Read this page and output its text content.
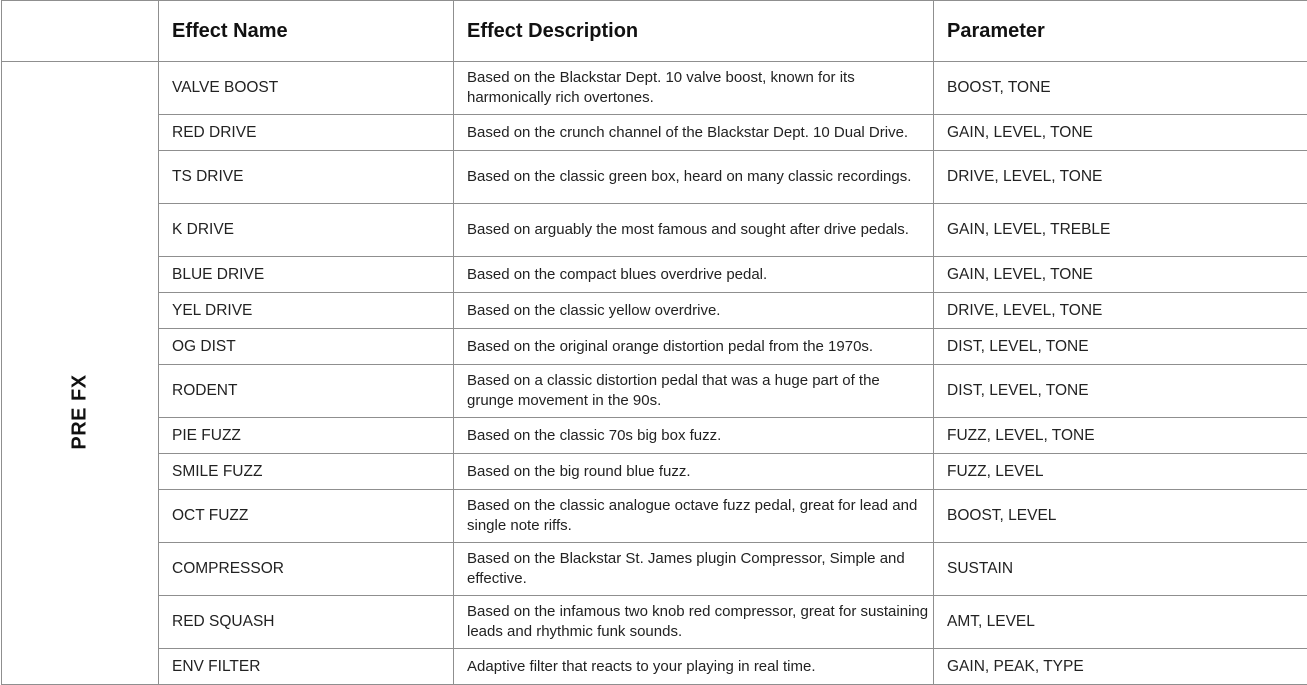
	Effect Name	Effect Description	Parameter
PRE FX	VALVE BOOST	Based on the Blackstar Dept. 10 valve boost, known for its harmonically rich overtones.	BOOST, TONE
	RED DRIVE	Based on the crunch channel of the Blackstar Dept. 10 Dual Drive.	GAIN, LEVEL, TONE
	TS DRIVE	Based on the classic green box, heard on many classic recordings.	DRIVE, LEVEL, TONE
	K DRIVE	Based on arguably the most famous and sought after drive pedals.	GAIN, LEVEL, TREBLE
	BLUE DRIVE	Based on the compact blues overdrive pedal.	GAIN, LEVEL, TONE
	YEL DRIVE	Based on the classic yellow overdrive.	DRIVE, LEVEL, TONE
	OG DIST	Based on the original orange distortion pedal from the 1970s.	DIST, LEVEL, TONE
	RODENT	Based on a classic distortion pedal that was a huge part of the grunge movement in the 90s.	DIST, LEVEL, TONE
	PIE FUZZ	Based on the classic 70s big box fuzz.	FUZZ, LEVEL, TONE
	SMILE FUZZ	Based on the big round blue fuzz.	FUZZ, LEVEL
	OCT FUZZ	Based on the classic analogue octave fuzz pedal, great for lead and single note riffs.	BOOST, LEVEL
	COMPRESSOR	Based on the Blackstar St. James plugin Compressor, Simple and effective.	SUSTAIN
	RED SQUASH	Based on the infamous two knob red compressor, great for sustaining leads and rhythmic funk sounds.	AMT, LEVEL
	ENV FILTER	Adaptive filter that reacts to your playing in real time.	GAIN, PEAK, TYPE
